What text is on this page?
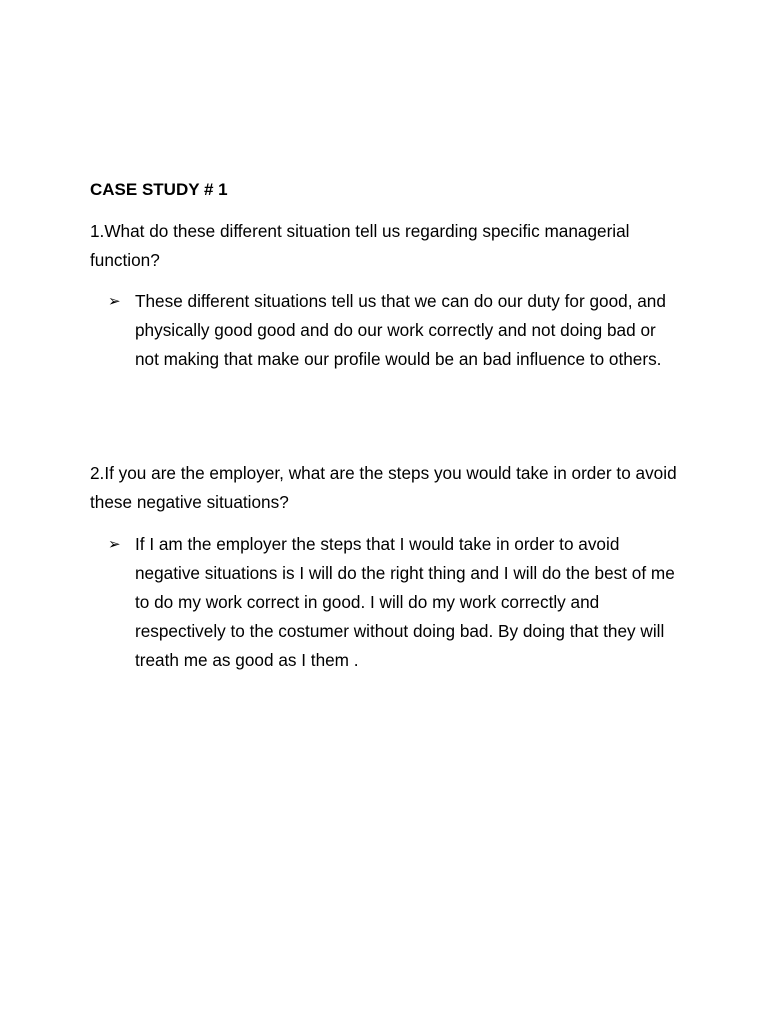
CASE STUDY # 1
1.What do these different situation tell us regarding specific managerial function?
➢ These different situations tell us that we can do our duty for good, and physically good good and do our work correctly and not doing bad or not making that make our profile would be an bad influence to others.
2.If you are the employer, what are the steps you would take in order to avoid these negative situations?
➢ If I am the employer the steps that I would take in order to avoid negative situations is I will do the right thing and I will do the best of me to do my work correct in good. I will do my work correctly and respectively to the costumer without doing bad. By doing that they will treath me as good as I them .
